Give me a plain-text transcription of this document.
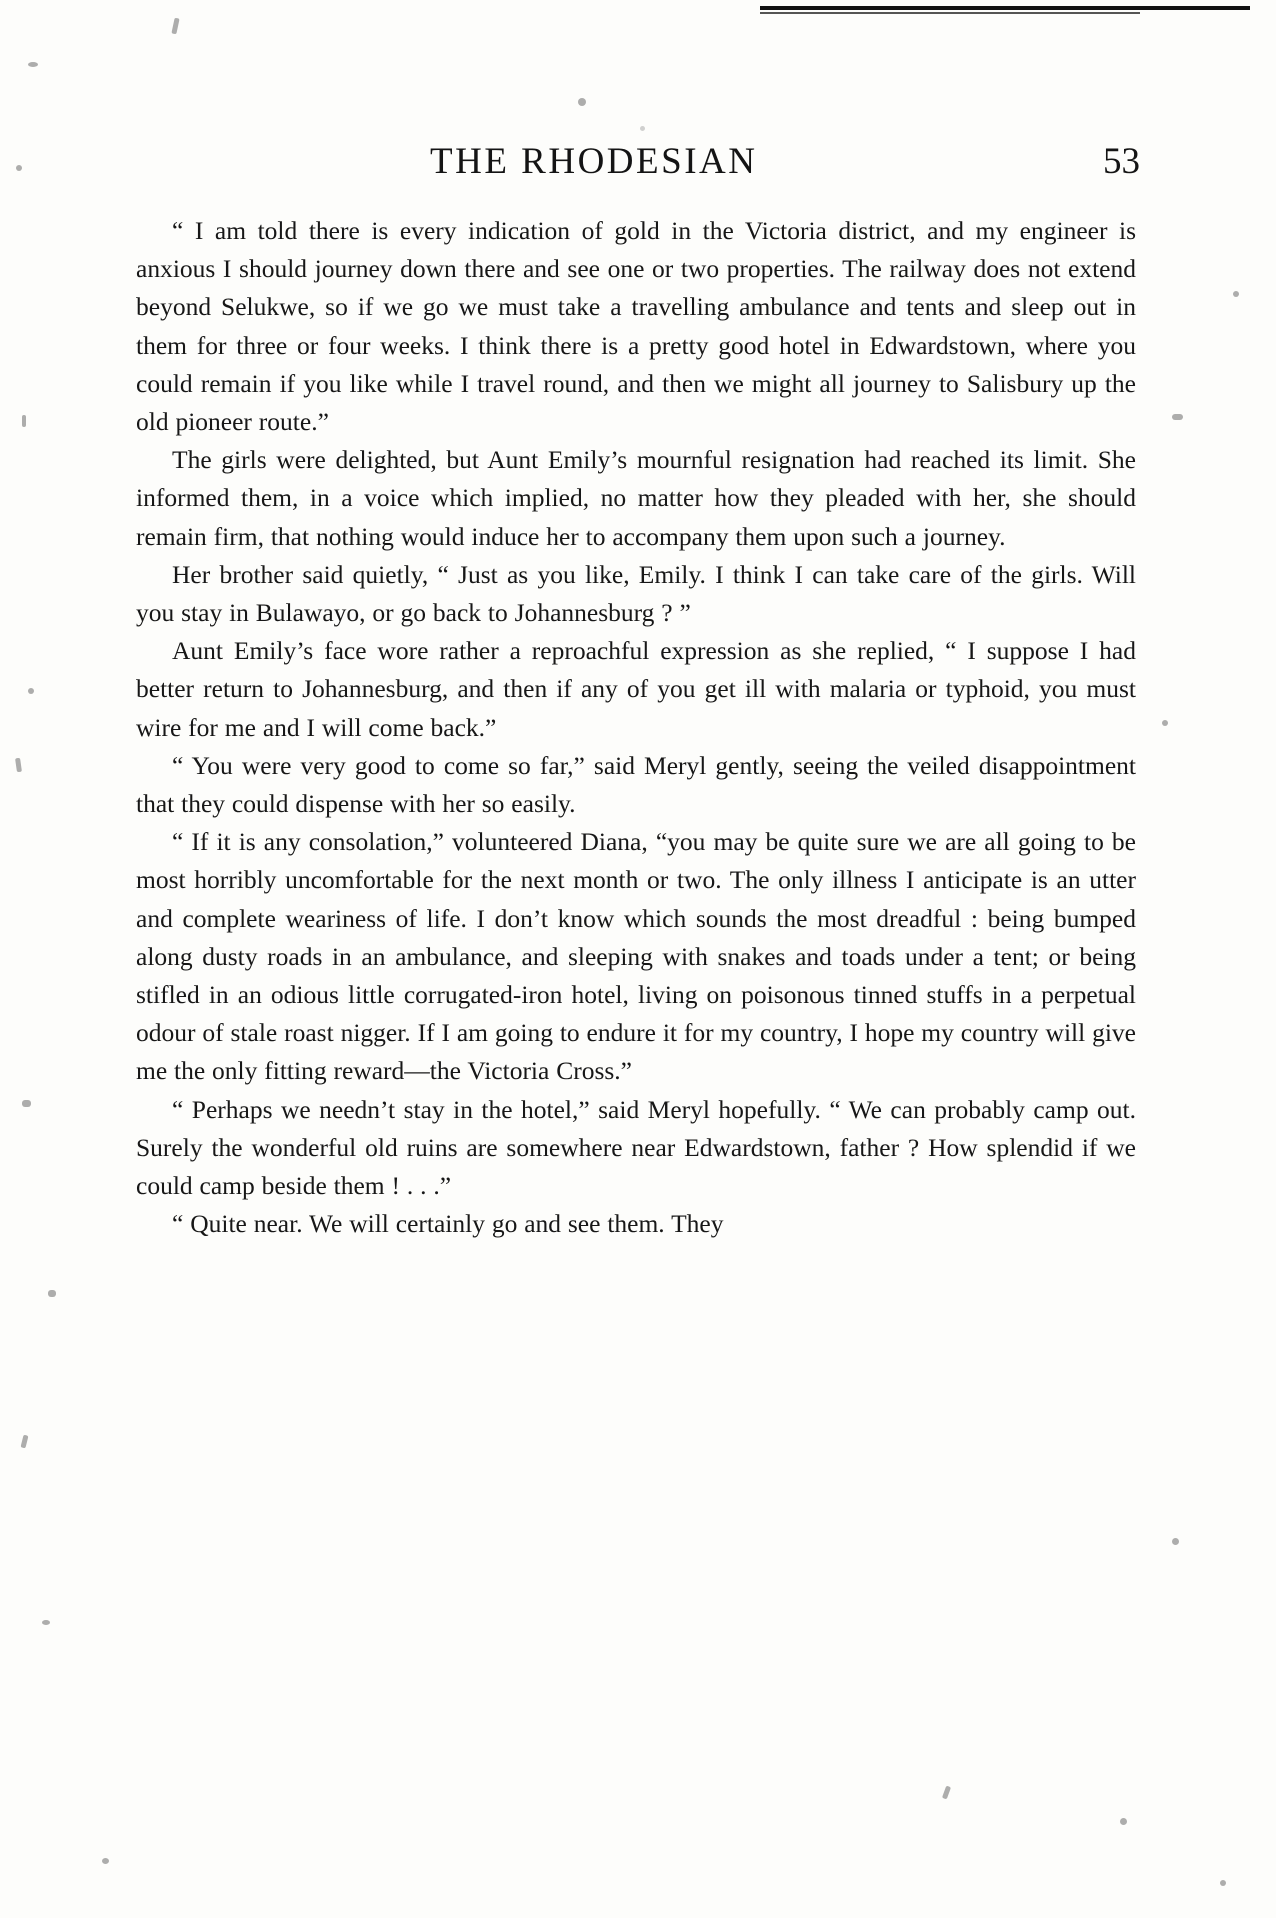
THE RHODESIAN	53

“ I am told there is every indication of gold in the Victoria district, and my engineer is anxious I should journey down there and see one or two properties. The railway does not extend beyond Selukwe, so if we go we must take a travelling ambulance and tents and sleep out in them for three or four weeks. I think there is a pretty good hotel in Edwardstown, where you could remain if you like while I travel round, and then we might all journey to Salisbury up the old pioneer route.”

The girls were delighted, but Aunt Emily’s mournful resignation had reached its limit. She informed them, in a voice which implied, no matter how they pleaded with her, she should remain firm, that nothing would induce her to accompany them upon such a journey.

Her brother said quietly, “ Just as you like, Emily. I think I can take care of the girls. Will you stay in Bulawayo, or go back to Johannesburg ? ”

Aunt Emily’s face wore rather a reproachful expression as she replied, “ I suppose I had better return to Johannesburg, and then if any of you get ill with malaria or typhoid, you must wire for me and I will come back.”

“ You were very good to come so far,” said Meryl gently, seeing the veiled disappointment that they could dispense with her so easily.

“ If it is any consolation,” volunteered Diana, “you may be quite sure we are all going to be most horribly uncomfortable for the next month or two. The only illness I anticipate is an utter and complete weariness of life. I don’t know which sounds the most dreadful : being bumped along dusty roads in an ambulance, and sleeping with snakes and toads under a tent; or being stifled in an odious little corrugated-iron hotel, living on poisonous tinned stuffs in a perpetual odour of stale roast nigger. If I am going to endure it for my country, I hope my country will give me the only fitting reward—the Victoria Cross.”

“ Perhaps we needn’t stay in the hotel,” said Meryl hopefully. “ We can probably camp out. Surely the wonderful old ruins are somewhere near Edwardstown, father ? How splendid if we could camp beside them ! . . .”

“ Quite near. We will certainly go and see them. They
